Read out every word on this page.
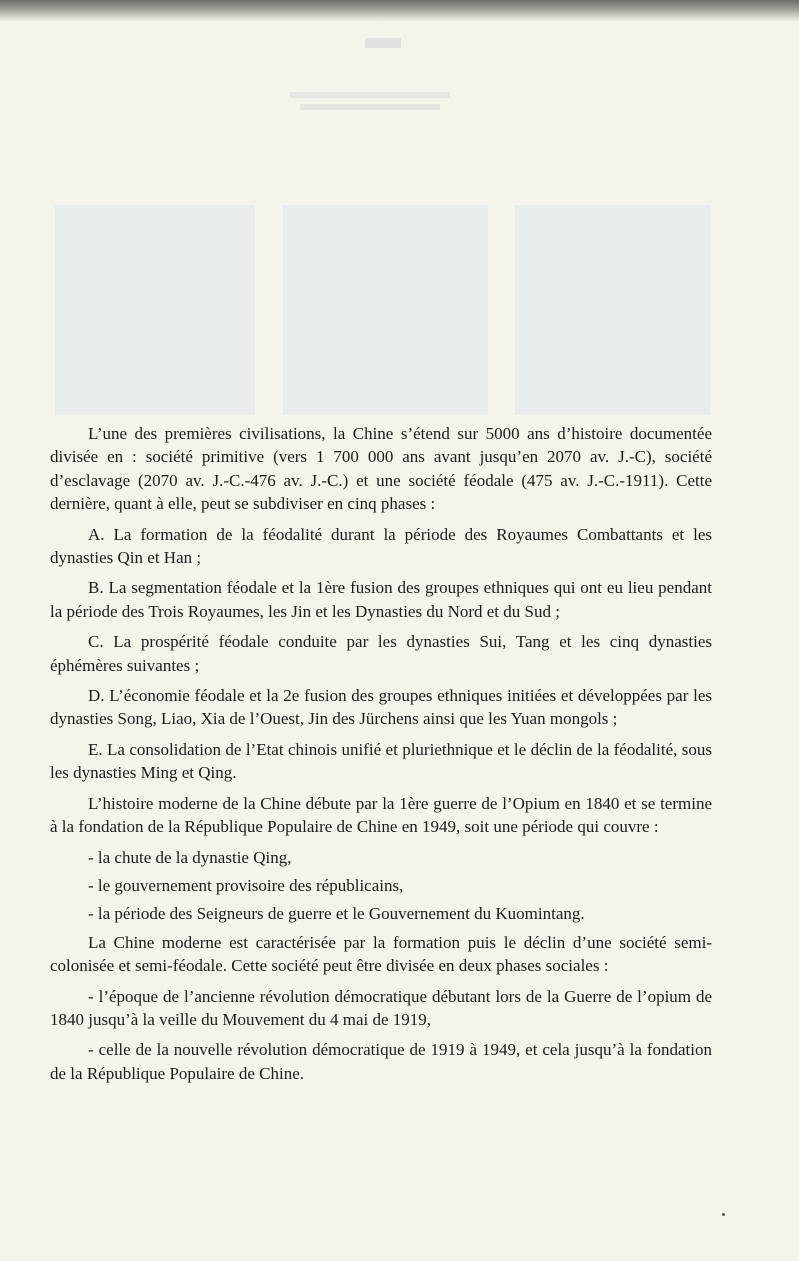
L’une des premières civilisations, la Chine s’étend sur 5000 ans d’histoire documentée divisée en : société primitive (vers 1 700 000 ans avant jusqu’en 2070 av. J.-C), société d’esclavage (2070 av. J.-C.-476 av. J.-C.) et une société féodale (475 av. J.-C.-1911). Cette dernière, quant à elle, peut se subdiviser en cinq phases :

A. La formation de la féodalité durant la période des Royaumes Combattants et les dynasties Qin et Han ;

B. La segmentation féodale et la 1ère fusion des groupes ethniques qui ont eu lieu pendant la période des Trois Royaumes, les Jin et les Dynasties du Nord et du Sud ;

C. La prospérité féodale conduite par les dynasties Sui, Tang et les cinq dynasties éphémères suivantes ;

D. L’économie féodale et la 2e fusion des groupes ethniques initiées et développées par les dynasties Song, Liao, Xia de l’Ouest, Jin des Jürchens ainsi que les Yuan mongols ;

E. La consolidation de l’Etat chinois unifié et pluriethnique et le déclin de la féodalité, sous les dynasties Ming et Qing.

L’histoire moderne de la Chine débute par la 1ère guerre de l’Opium en 1840 et se termine à la fondation de la République Populaire de Chine en 1949, soit une période qui couvre :

- la chute de la dynastie Qing,

- le gouvernement provisoire des républicains,

- la période des Seigneurs de guerre et le Gouvernement du Kuomintang.

La Chine moderne est caractérisée par la formation puis le déclin d’une société semi-colonisée et semi-féodale. Cette société peut être divisée en deux phases sociales :

- l’époque de l’ancienne révolution démocratique débutant lors de la Guerre de l’opium de 1840 jusqu’à la veille du Mouvement du 4 mai de 1919,

- celle de la nouvelle révolution démocratique de 1919 à 1949, et cela jusqu’à la fondation de la République Populaire de Chine.
